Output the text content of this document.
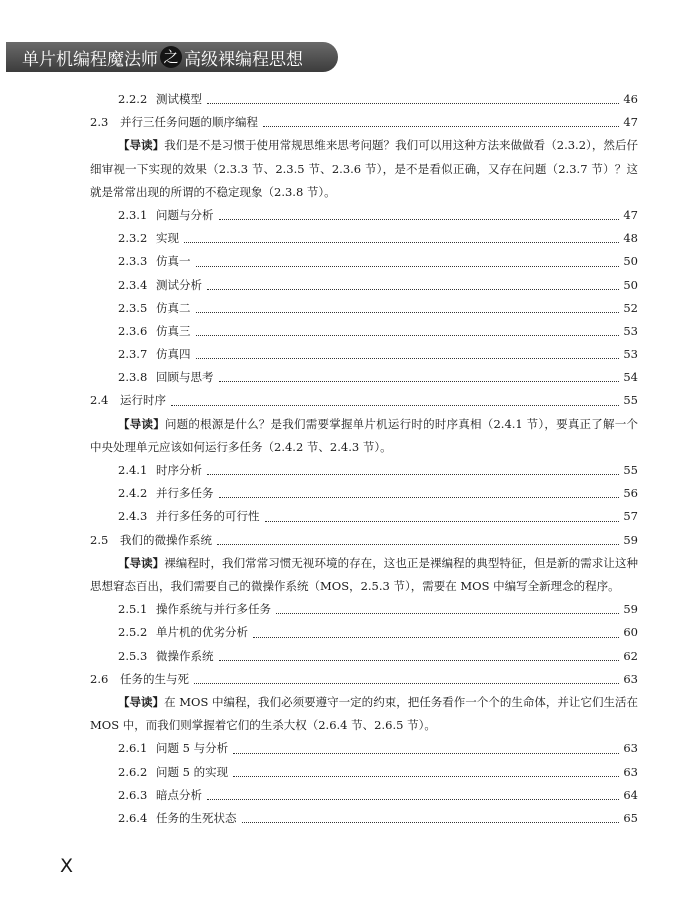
单片机编程魔法师 之 高级裸编程思想
2.2.2 测试模型	46
2.3	并行三任务问题的顺序编程	47
【导读】我们是不是习惯于使用常规思维来思考问题？我们可以用这种方法来做做看（2.3.2），然后仔细审视一下实现的效果（2.3.3 节、2.3.5 节、2.3.6 节），是不是看似正确，又存在问题（2.3.7 节）？这就是常常出现的所谓的不稳定现象（2.3.8 节）。
2.3.1 问题与分析	47
2.3.2 实现	48
2.3.3 仿真一	50
2.3.4 测试分析	50
2.3.5 仿真二	52
2.3.6 仿真三	53
2.3.7 仿真四	53
2.3.8 回顾与思考	54
2.4	运行时序	55
【导读】问题的根源是什么？是我们需要掌握单片机运行时的时序真相（2.4.1 节），要真正了解一个中央处理单元应该如何运行多任务（2.4.2 节、2.4.3 节）。
2.4.1 时序分析	55
2.4.2 并行多任务	56
2.4.3 并行多任务的可行性	57
2.5	我们的微操作系统	59
【导读】裸编程时，我们常常习惯无视环境的存在，这也正是裸编程的典型特征，但是新的需求让这种思想窘态百出，我们需要自己的微操作系统（MOS，2.5.3 节），需要在 MOS 中编写全新理念的程序。
2.5.1 操作系统与并行多任务	59
2.5.2 单片机的优劣分析	60
2.5.3 微操作系统	62
2.6	任务的生与死	63
【导读】在 MOS 中编程，我们必须要遵守一定的约束，把任务看作一个个的生命体，并让它们生活在 MOS 中，而我们则掌握着它们的生杀大权（2.6.4 节、2.6.5 节）。
2.6.1 问题 5 与分析	63
2.6.2 问题 5 的实现	63
2.6.3 暗点分析	64
2.6.4 任务的生死状态	65
X
